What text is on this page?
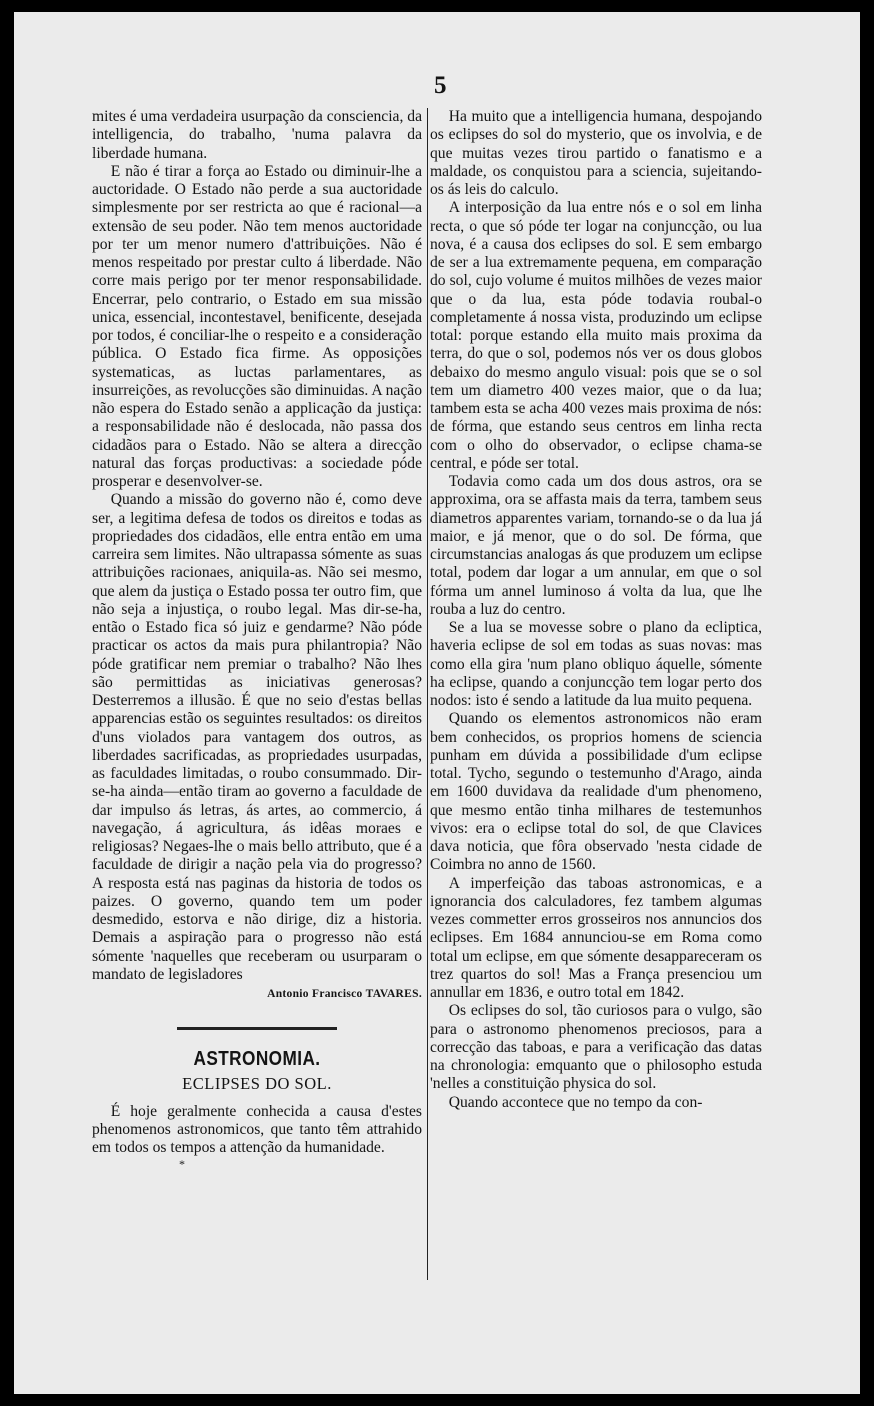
5

mites é uma verdadeira usurpação da consciencia, da intelligencia, do trabalho, 'numa palavra da liberdade humana.

E não é tirar a força ao Estado ou diminuir-lhe a auctoridade. O Estado não perde a sua auctoridade simplesmente por ser restricta ao que é racional—a extensão de seu poder. Não tem menos auctoridade por ter um menor numero d'attribuições. Não é menos respeitado por prestar culto á liberdade. Não corre mais perigo por ter menor responsabilidade. Encerrar, pelo contrario, o Estado em sua missão unica, essencial, incontestavel, benificente, desejada por todos, é conciliar-lhe o respeito e a consideração pública. O Estado fica firme. As opposições systematicas, as luctas parlamentares, as insurreições, as revolucções são diminuidas. A nação não espera do Estado senão a applicação da justiça: a responsabilidade não é deslocada, não passa dos cidadãos para o Estado. Não se altera a direcção natural das forças productivas: a sociedade póde prosperar e desenvolver-se.

Quando a missão do governo não é, como deve ser, a legitima defesa de todos os direitos e todas as propriedades dos cidadãos, elle entra então em uma carreira sem limites. Não ultrapassa sómente as suas attribuições racionaes, aniquila-as. Não sei mesmo, que alem da justiça o Estado possa ter outro fim, que não seja a injustiça, o roubo legal. Mas dir-se-ha, então o Estado fica só juiz e gendarme? Não póde practicar os actos da mais pura philantropia? Não póde gratificar nem premiar o trabalho? Não lhes são permittidas as iniciativas generosas? Desterremos a illusão. É que no seio d'estas bellas apparencias estão os seguintes resultados: os direitos d'uns violados para vantagem dos outros, as liberdades sacrificadas, as propriedades usurpadas, as faculdades limitadas, o roubo consummado. Dir-se-ha ainda—então tiram ao governo a faculdade de dar impulso ás letras, ás artes, ao commercio, á navegação, á agricultura, ás idêas moraes e religiosas? Negaes-lhe o mais bello attributo, que é a faculdade de dirigir a nação pela via do progresso? A resposta está nas paginas da historia de todos os paizes. O governo, quando tem um poder desmedido, estorva e não dirige, diz a historia. Demais a aspiração para o progresso não está sómente 'naquelles que receberam ou usurparam o mandato de legisladores

Antonio Francisco TAVARES.
ASTRONOMIA.
ECLIPSES DO SOL.

É hoje geralmente conhecida a causa d'estes phenomenos astronomicos, que tanto têm attrahido em todos os tempos a attenção da humanidade.

*

Ha muito que a intelligencia humana, despojando os eclipses do sol do mysterio, que os involvia, e de que muitas vezes tirou partido o fanatismo e a maldade, os conquistou para a sciencia, sujeitando-os ás leis do calculo.

A interposição da lua entre nós e o sol em linha recta, o que só póde ter logar na conjuncção, ou lua nova, é a causa dos eclipses do sol. E sem embargo de ser a lua extremamente pequena, em comparação do sol, cujo volume é muitos milhões de vezes maior que o da lua, esta póde todavia roubal-o completamente á nossa vista, produzindo um eclipse total: porque estando ella muito mais proxima da terra, do que o sol, podemos nós ver os dous globos debaixo do mesmo angulo visual: pois que se o sol tem um diametro 400 vezes maior, que o da lua; tambem esta se acha 400 vezes mais proxima de nós: de fórma, que estando seus centros em linha recta com o olho do observador, o eclipse chama-se central, e póde ser total.

Todavia como cada um dos dous astros, ora se approxima, ora se affasta mais da terra, tambem seus diametros apparentes variam, tornando-se o da lua já maior, e já menor, que o do sol. De fórma, que circumstancias analogas ás que produzem um eclipse total, podem dar logar a um annular, em que o sol fórma um annel luminoso á volta da lua, que lhe rouba a luz do centro.

Se a lua se movesse sobre o plano da ecliptica, haveria eclipse de sol em todas as suas novas: mas como ella gira 'num plano obliquo áquelle, sómente ha eclipse, quando a conjuncção tem logar perto dos nodos: isto é sendo a latitude da lua muito pequena.

Quando os elementos astronomicos não eram bem conhecidos, os proprios homens de sciencia punham em dúvida a possibilidade d'um eclipse total. Tycho, segundo o testemunho d'Arago, ainda em 1600 duvidava da realidade d'um phenomeno, que mesmo então tinha milhares de testemunhos vivos: era o eclipse total do sol, de que Clavices dava noticia, que fôra observado 'nesta cidade de Coimbra no anno de 1560.

A imperfeição das taboas astronomicas, e a ignorancia dos calculadores, fez tambem algumas vezes commetter erros grosseiros nos annuncios dos eclipses. Em 1684 annunciou-se em Roma como total um eclipse, em que sómente desappareceram os trez quartos do sol! Mas a França presenciou um annullar em 1836, e outro total em 1842.

Os eclipses do sol, tão curiosos para o vulgo, são para o astronomo phenomenos preciosos, para a correcção das taboas, e para a verificação das datas na chronologia: emquanto que o philosopho estuda 'nelles a constituição physica do sol.

Quando accontece que no tempo da con-
